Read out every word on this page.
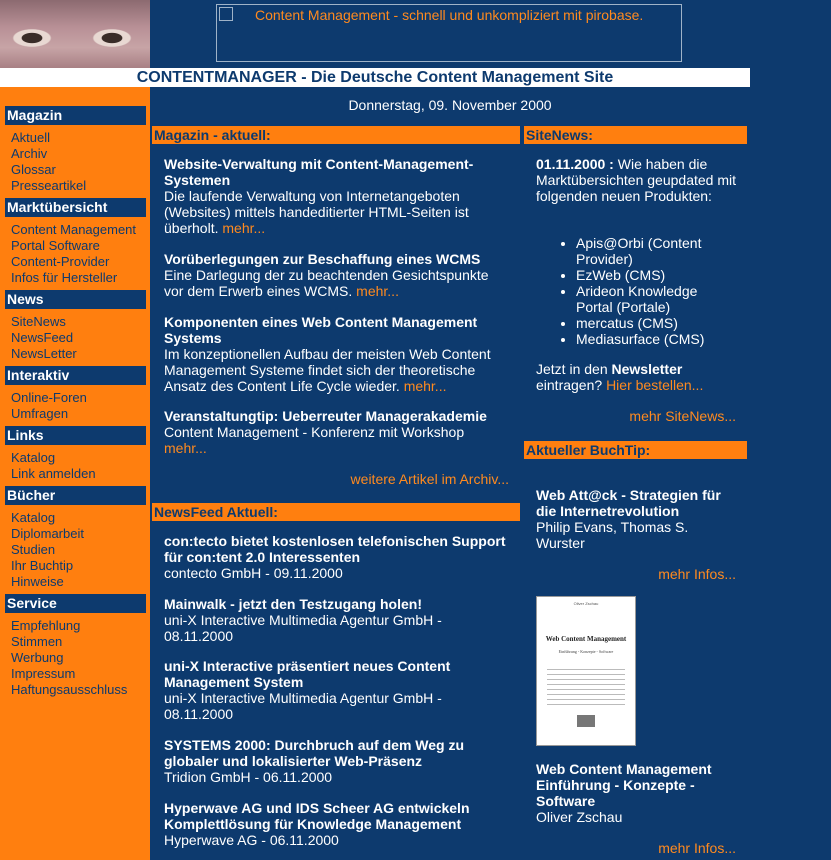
Content Management - schnell und unkompliziert mit pirobase.
CONTENTMANAGER - Die Deutsche Content Management Site
Magazin
Aktuell
Archiv
Glossar
Presseartikel
Marktübersicht
Content Management
Portal Software
Content-Provider
Infos für Hersteller
News
SiteNews
NewsFeed
NewsLetter
Interaktiv
Online-Foren
Umfragen
Links
Katalog
Link anmelden
Bücher
Katalog
Diplomarbeit
Studien
Ihr Buchtip
Hinweise
Service
Empfehlung
Stimmen
Werbung
Impressum
Haftungsausschluss
Donnerstag, 09. November 2000
Magazin - aktuell:
Website-Verwaltung mit Content-Management-Systemen
Die laufende Verwaltung von Internetangeboten (Websites) mittels handeditierter HTML-Seiten ist überholt. mehr...
Vorüberlegungen zur Beschaffung eines WCMS
Eine Darlegung der zu beachtenden Gesichtspunkte vor dem Erwerb eines WCMS. mehr...
Komponenten eines Web Content Management Systems
Im konzeptionellen Aufbau der meisten Web Content Management Systeme findet sich der theoretische Ansatz des Content Life Cycle wieder. mehr...
Veranstaltungtip: Ueberreuter Managerakademie
Content Management - Konferenz mit Workshop mehr...
weitere Artikel im Archiv...
NewsFeed Aktuell:
con:tecto bietet kostenlosen telefonischen Support für con:tent 2.0 Interessenten
contecto GmbH - 09.11.2000
Mainwalk - jetzt den Testzugang holen!
uni-X Interactive Multimedia Agentur GmbH - 08.11.2000
uni-X Interactive präsentiert neues Content Management System
uni-X Interactive Multimedia Agentur GmbH - 08.11.2000
SYSTEMS 2000: Durchbruch auf dem Weg zu globaler und lokalisierter Web-Präsenz
Tridion GmbH - 06.11.2000
Hyperwave AG und IDS Scheer AG entwickeln Komplettlösung für Knowledge Management
Hyperwave AG - 06.11.2000
SiteNews:
01.11.2000 : Wie haben die Marktübersichten geupdated mit folgenden neuen Produkten:
• Apis@Orbi (Content Provider)
• EzWeb (CMS)
• Arideon Knowledge Portal (Portale)
• mercatus (CMS)
• Mediasurface (CMS)
Jetzt in den Newsletter eintragen? Hier bestellen...
mehr SiteNews...
Aktueller BuchTip:
Web Att@ck - Strategien für die Internetrevolution
Philip Evans, Thomas S. Wurster
mehr Infos...
Oliver Zschau
Web Content Management
Einführung - Konzepte - Software
Web Content Management Einführung - Konzepte - Software
Oliver Zschau
mehr Infos...
